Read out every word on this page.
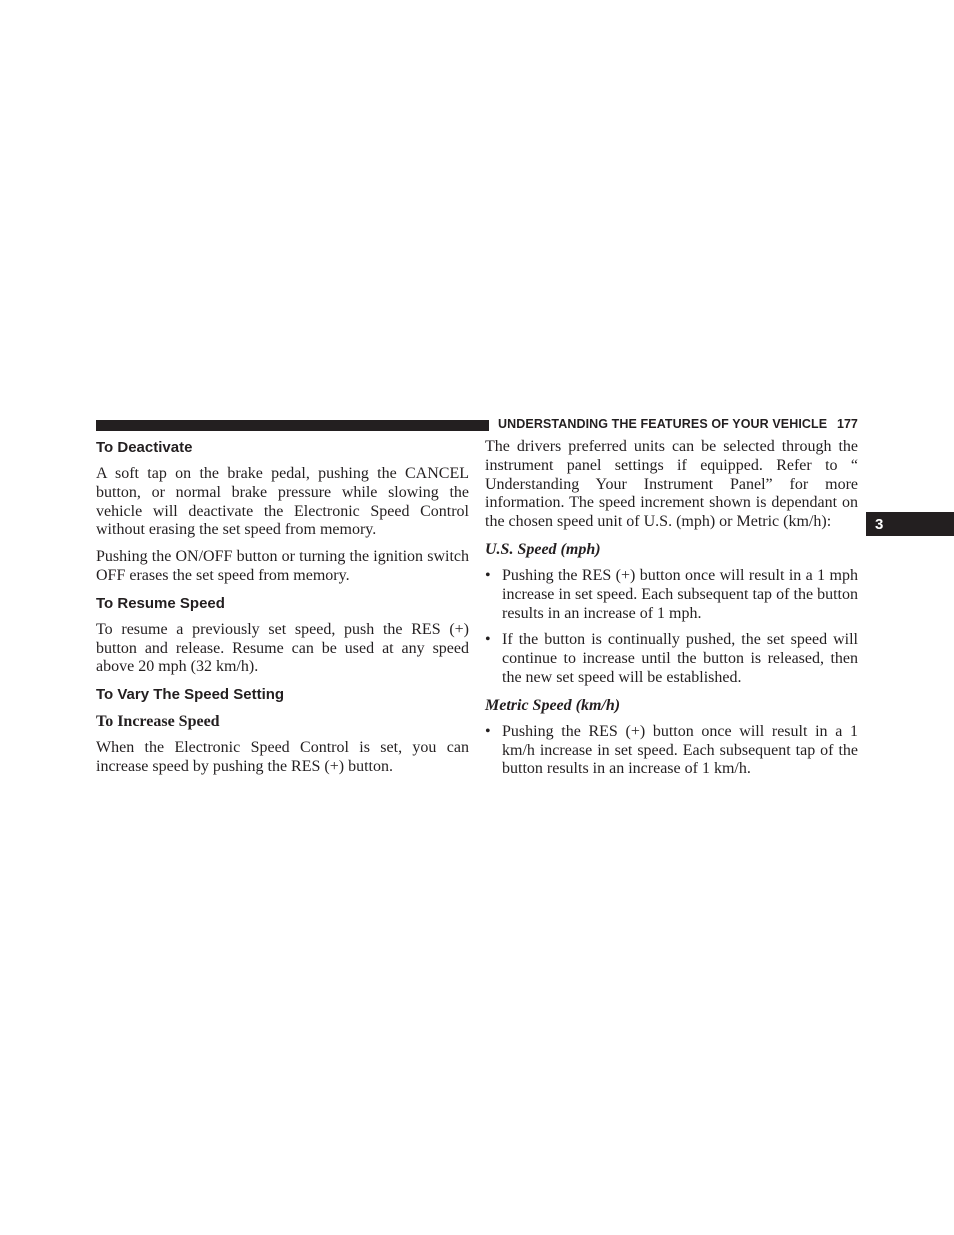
UNDERSTANDING THE FEATURES OF YOUR VEHICLE 177
3
To Deactivate

A soft tap on the brake pedal, pushing the CANCEL button, or normal brake pressure while slowing the vehicle will deactivate the Electronic Speed Control without erasing the set speed from memory.

Pushing the ON/OFF button or turning the ignition switch OFF erases the set speed from memory.

To Resume Speed

To resume a previously set speed, push the RES (+) button and release. Resume can be used at any speed above 20 mph (32 km/h).

To Vary The Speed Setting
To Increase Speed

When the Electronic Speed Control is set, you can increase speed by pushing the RES (+) button.

The drivers preferred units can be selected through the instrument panel settings if equipped. Refer to “ Understanding Your Instrument Panel” for more information. The speed increment shown is dependant on the chosen speed unit of U.S. (mph) or Metric (km/h):

U.S. Speed (mph)
• Pushing the RES (+) button once will result in a 1 mph increase in set speed. Each subsequent tap of the button results in an increase of 1 mph.
• If the button is continually pushed, the set speed will continue to increase until the button is released, then the new set speed will be established.
Metric Speed (km/h)
• Pushing the RES (+) button once will result in a 1 km/h increase in set speed. Each subsequent tap of the button results in an increase of 1 km/h.
